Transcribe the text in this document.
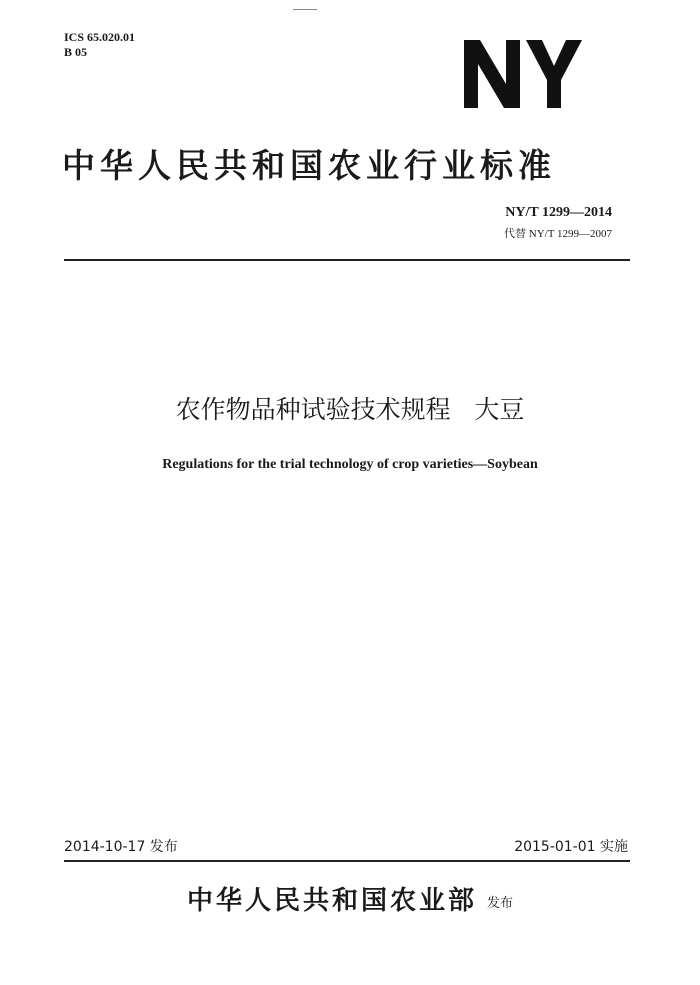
ICS 65.020.01
B 05
中华人民共和国农业行业标准
NY/T 1299—2014
代替 NY/T 1299—2007
农作物品种试验技术规程   大豆
Regulations for the trial technology of crop varieties—Soybean
2014-10-17 发布	2015-01-01 实施
中华人民共和国农业部 发布
